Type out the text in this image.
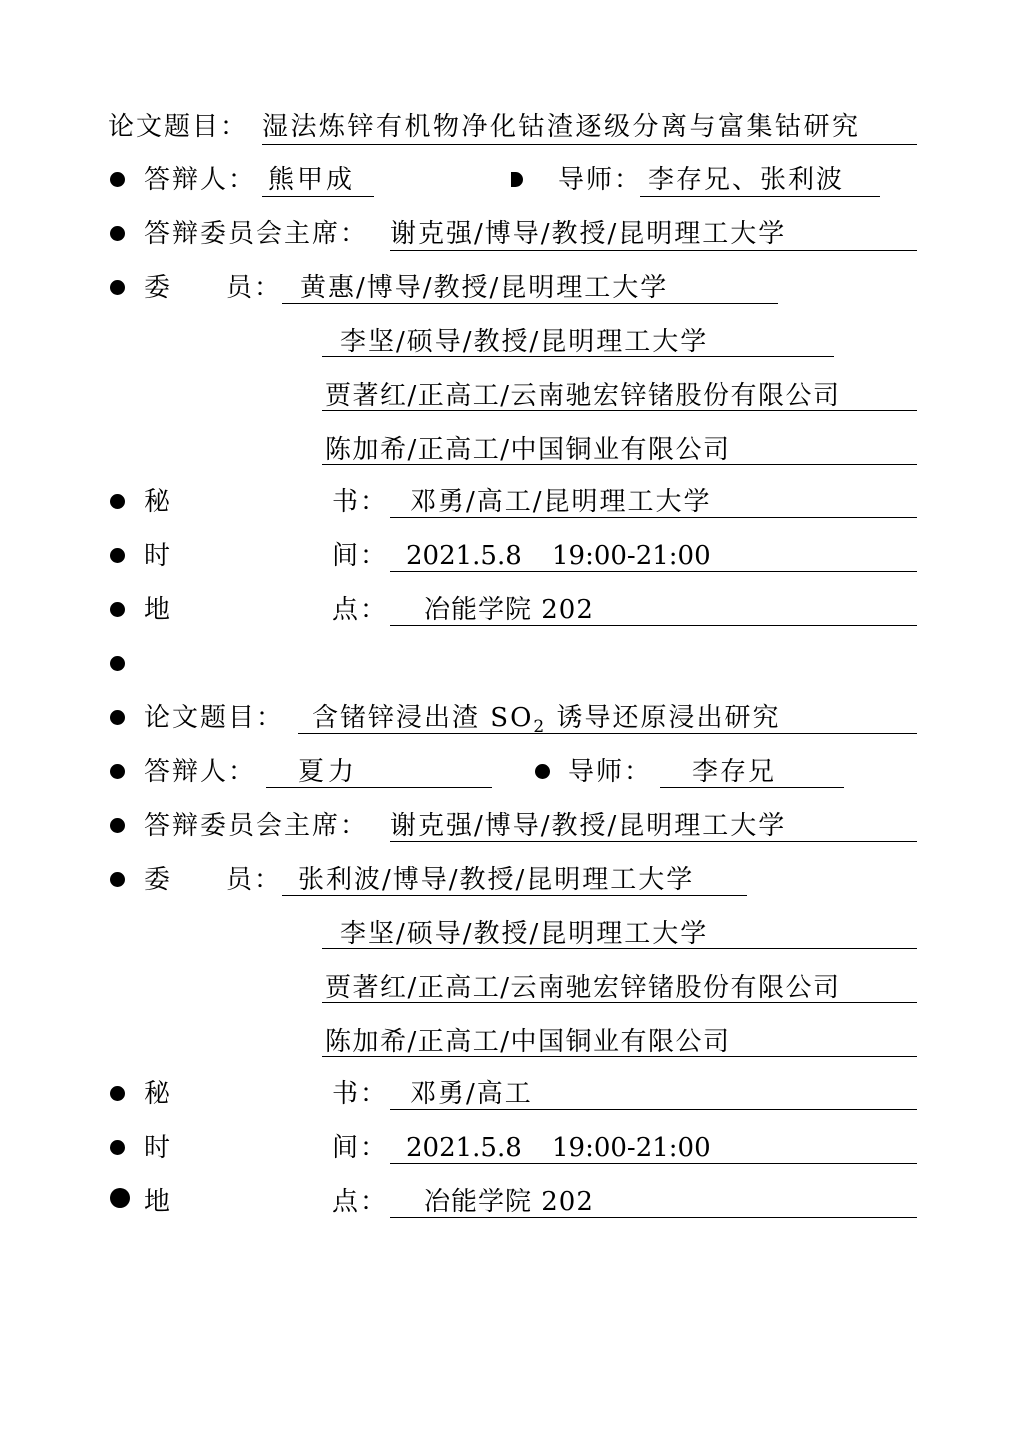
论文题目： 湿法炼锌有机物净化钴渣逐级分离与富集钴研究
答辩人： 熊甲成	导师： 李存兄、张利波
答辩委员会主席： 谢克强/博导/教授/昆明理工大学
委 员： 黄惠/博导/教授/昆明理工大学
李坚/硕导/教授/昆明理工大学
贾著红/正高工/云南驰宏锌锗股份有限公司
陈加希/正高工/中国铜业有限公司
秘	书： 邓勇/高工/昆明理工大学
时	间： 2021.5.8 19:00-21:00
地	点： 冶能学院 202
论文题目： 含锗锌浸出渣 $SO_2$ 诱导还原浸出研究
答辩人： 夏力	导师： 李存兄
答辩委员会主席： 谢克强/博导/教授/昆明理工大学
委 员： 张利波/博导/教授/昆明理工大学
李坚/硕导/教授/昆明理工大学
贾著红/正高工/云南驰宏锌锗股份有限公司
陈加希/正高工/中国铜业有限公司
秘	书： 邓勇/高工
时	间： 2021.5.8 19:00-21:00
地	点： 冶能学院 202
